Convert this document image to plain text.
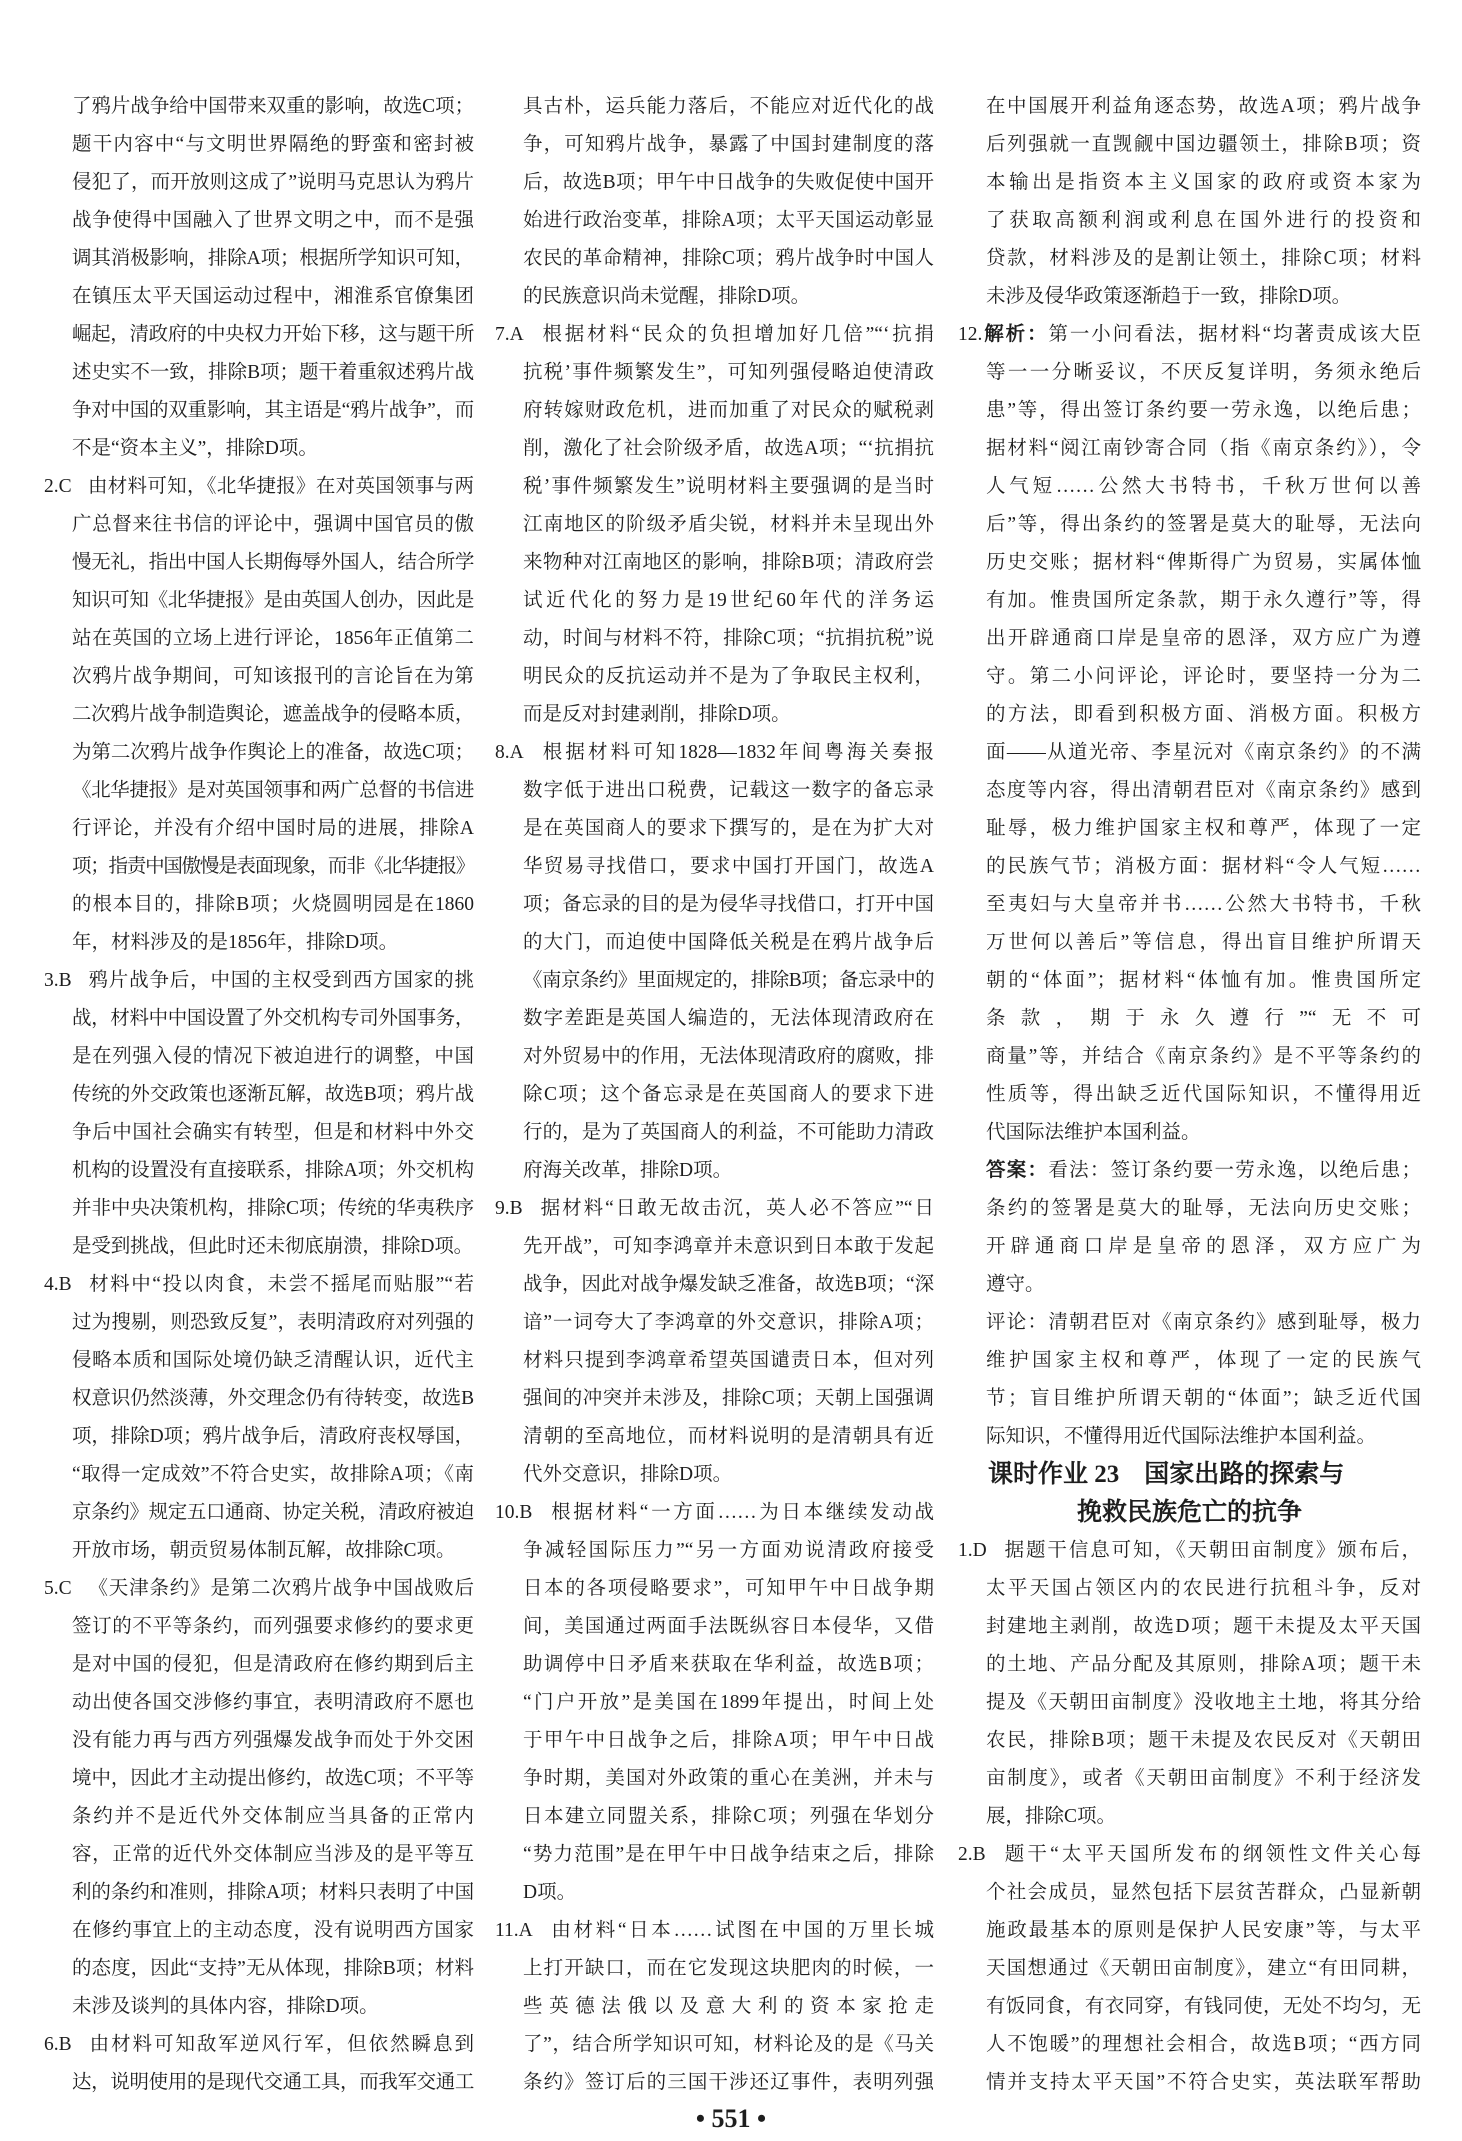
了鸦片战争给中国带来双重的影响，故选C项；
题干内容中“与文明世界隔绝的野蛮和密封被
侵犯了，而开放则这成了”说明马克思认为鸦片
战争使得中国融入了世界文明之中，而不是强
调其消极影响，排除A项；根据所学知识可知，
在镇压太平天国运动过程中，湘淮系官僚集团
崛起，清政府的中央权力开始下移，这与题干所
述史实不一致，排除B项；题干着重叙述鸦片战
争对中国的双重影响，其主语是“鸦片战争”，而
不是“资本主义”，排除D项。
2.C 由材料可知，《北华捷报》在对英国领事与两
广总督来往书信的评论中，强调中国官员的傲
慢无礼，指出中国人长期侮辱外国人，结合所学
知识可知《北华捷报》是由英国人创办，因此是
站在英国的立场上进行评论，1856年正值第二
次鸦片战争期间，可知该报刊的言论旨在为第
二次鸦片战争制造舆论，遮盖战争的侵略本质，
为第二次鸦片战争作舆论上的准备，故选C项；
《北华捷报》是对英国领事和两广总督的书信进
行评论，并没有介绍中国时局的进展，排除A
项；指责中国傲慢是表面现象，而非《北华捷报》
的根本目的，排除B项；火烧圆明园是在1860
年，材料涉及的是1856年，排除D项。
3.B 鸦片战争后，中国的主权受到西方国家的挑
战，材料中中国设置了外交机构专司外国事务，
是在列强入侵的情况下被迫进行的调整，中国
传统的外交政策也逐渐瓦解，故选B项；鸦片战
争后中国社会确实有转型，但是和材料中外交
机构的设置没有直接联系，排除A项；外交机构
并非中央决策机构，排除C项；传统的华夷秩序
是受到挑战，但此时还未彻底崩溃，排除D项。
4.B 材料中“投以肉食，未尝不摇尾而贴服”“若
过为搜剔，则恐致反复”，表明清政府对列强的
侵略本质和国际处境仍缺乏清醒认识，近代主
权意识仍然淡薄，外交理念仍有待转变，故选B
项，排除D项；鸦片战争后，清政府丧权辱国，
“取得一定成效”不符合史实，故排除A项；《南
京条约》规定五口通商、协定关税，清政府被迫
开放市场，朝贡贸易体制瓦解，故排除C项。
5.C 《天津条约》是第二次鸦片战争中国战败后
签订的不平等条约，而列强要求修约的要求更
是对中国的侵犯，但是清政府在修约期到后主
动出使各国交涉修约事宜，表明清政府不愿也
没有能力再与西方列强爆发战争而处于外交困
境中，因此才主动提出修约，故选C项；不平等
条约并不是近代外交体制应当具备的正常内
容，正常的近代外交体制应当涉及的是平等互
利的条约和准则，排除A项；材料只表明了中国
在修约事宜上的主动态度，没有说明西方国家
的态度，因此“支持”无从体现，排除B项；材料
未涉及谈判的具体内容，排除D项。
6.B 由材料可知敌军逆风行军，但依然瞬息到
达，说明使用的是现代交通工具，而我军交通工
具古朴，运兵能力落后，不能应对近代化的战
争，可知鸦片战争，暴露了中国封建制度的落
后，故选B项；甲午中日战争的失败促使中国开
始进行政治变革，排除A项；太平天国运动彰显
农民的革命精神，排除C项；鸦片战争时中国人
的民族意识尚未觉醒，排除D项。
7.A 根据材料“民众的负担增加好几倍”“‘抗捐
抗税’事件频繁发生”，可知列强侵略迫使清政
府转嫁财政危机，进而加重了对民众的赋税剥
削，激化了社会阶级矛盾，故选A项；“‘抗捐抗
税’事件频繁发生”说明材料主要强调的是当时
江南地区的阶级矛盾尖锐，材料并未呈现出外
来物种对江南地区的影响，排除B项；清政府尝
试近代化的努力是19世纪60年代的洋务运
动，时间与材料不符，排除C项；“抗捐抗税”说
明民众的反抗运动并不是为了争取民主权利，
而是反对封建剥削，排除D项。
8.A 根据材料可知1828—1832年间粤海关奏报
数字低于进出口税费，记载这一数字的备忘录
是在英国商人的要求下撰写的，是在为扩大对
华贸易寻找借口，要求中国打开国门，故选A
项；备忘录的目的是为侵华寻找借口，打开中国
的大门，而迫使中国降低关税是在鸦片战争后
《南京条约》里面规定的，排除B项；备忘录中的
数字差距是英国人编造的，无法体现清政府在
对外贸易中的作用，无法体现清政府的腐败，排
除C项；这个备忘录是在英国商人的要求下进
行的，是为了英国商人的利益，不可能助力清政
府海关改革，排除D项。
9.B 据材料“日敢无故击沉，英人必不答应”“日
先开战”，可知李鸿章并未意识到日本敢于发起
战争，因此对战争爆发缺乏准备，故选B项；“深
谙”一词夸大了李鸿章的外交意识，排除A项；
材料只提到李鸿章希望英国谴责日本，但对列
强间的冲突并未涉及，排除C项；天朝上国强调
清朝的至高地位，而材料说明的是清朝具有近
代外交意识，排除D项。
10.B 根据材料“一方面……为日本继续发动战
争减轻国际压力”“另一方面劝说清政府接受
日本的各项侵略要求”，可知甲午中日战争期
间，美国通过两面手法既纵容日本侵华，又借
助调停中日矛盾来获取在华利益，故选B项；
“门户开放”是美国在1899年提出，时间上处
于甲午中日战争之后，排除A项；甲午中日战
争时期，美国对外政策的重心在美洲，并未与
日本建立同盟关系，排除C项；列强在华划分
“势力范围”是在甲午中日战争结束之后，排除
D项。
11.A 由材料“日本……试图在中国的万里长城
上打开缺口，而在它发现这块肥肉的时候，一
些英德法俄以及意大利的资本家抢走
了”，结合所学知识可知，材料论及的是《马关
条约》签订后的三国干涉还辽事件，表明列强
在中国展开利益角逐态势，故选A项；鸦片战争
后列强就一直觊觎中国边疆领土，排除B项；资
本输出是指资本主义国家的政府或资本家为
了获取高额利润或利息在国外进行的投资和
贷款，材料涉及的是割让领土，排除C项；材料
未涉及侵华政策逐渐趋于一致，排除D项。
12.解析：第一小问看法，据材料“均著责成该大臣
等一一分晰妥议，不厌反复详明，务须永绝后
患”等，得出签订条约要一劳永逸，以绝后患；
据材料“阅江南钞寄合同（指《南京条约》），令
人气短……公然大书特书，千秋万世何以善
后”等，得出条约的签署是莫大的耻辱，无法向
历史交账；据材料“俾斯得广为贸易，实属体恤
有加。惟贵国所定条款，期于永久遵行”等，得
出开辟通商口岸是皇帝的恩泽，双方应广为遵
守。第二小问评论，评论时，要坚持一分为二
的方法，即看到积极方面、消极方面。积极方
面——从道光帝、李星沅对《南京条约》的不满
态度等内容，得出清朝君臣对《南京条约》感到
耻辱，极力维护国家主权和尊严，体现了一定
的民族气节；消极方面：据材料“令人气短……
至夷妇与大皇帝并书……公然大书特书，千秋
万世何以善后”等信息，得出盲目维护所谓天
朝的“体面”；据材料“体恤有加。惟贵国所定
条款，期于永久遵行”“无不可
商量”等，并结合《南京条约》是不平等条约的
性质等，得出缺乏近代国际知识，不懂得用近
代国际法维护本国利益。
答案：看法：签订条约要一劳永逸，以绝后患；
条约的签署是莫大的耻辱，无法向历史交账；
开辟通商口岸是皇帝的恩泽，双方应广为
遵守。
评论：清朝君臣对《南京条约》感到耻辱，极力
维护国家主权和尊严，体现了一定的民族气
节；盲目维护所谓天朝的“体面”；缺乏近代国
际知识，不懂得用近代国际法维护本国利益。
课时作业 23　国家出路的探索与
挽救民族危亡的抗争
1.D 据题干信息可知，《天朝田亩制度》颁布后，
太平天国占领区内的农民进行抗租斗争，反对
封建地主剥削，故选D项；题干未提及太平天国
的土地、产品分配及其原则，排除A项；题干未
提及《天朝田亩制度》没收地主土地，将其分给
农民，排除B项；题干未提及农民反对《天朝田
亩制度》，或者《天朝田亩制度》不利于经济发
展，排除C项。
2.B 题干“太平天国所发布的纲领性文件关心每
个社会成员，显然包括下层贫苦群众，凸显新朝
施政最基本的原则是保护人民安康”等，与太平
天国想通过《天朝田亩制度》，建立“有田同耕，
有饭同食，有衣同穿，有钱同使，无处不均匀，无
人不饱暖”的理想社会相合，故选B项；“西方同
情并支持太平天国”不符合史实，英法联军帮助
• 551 •
